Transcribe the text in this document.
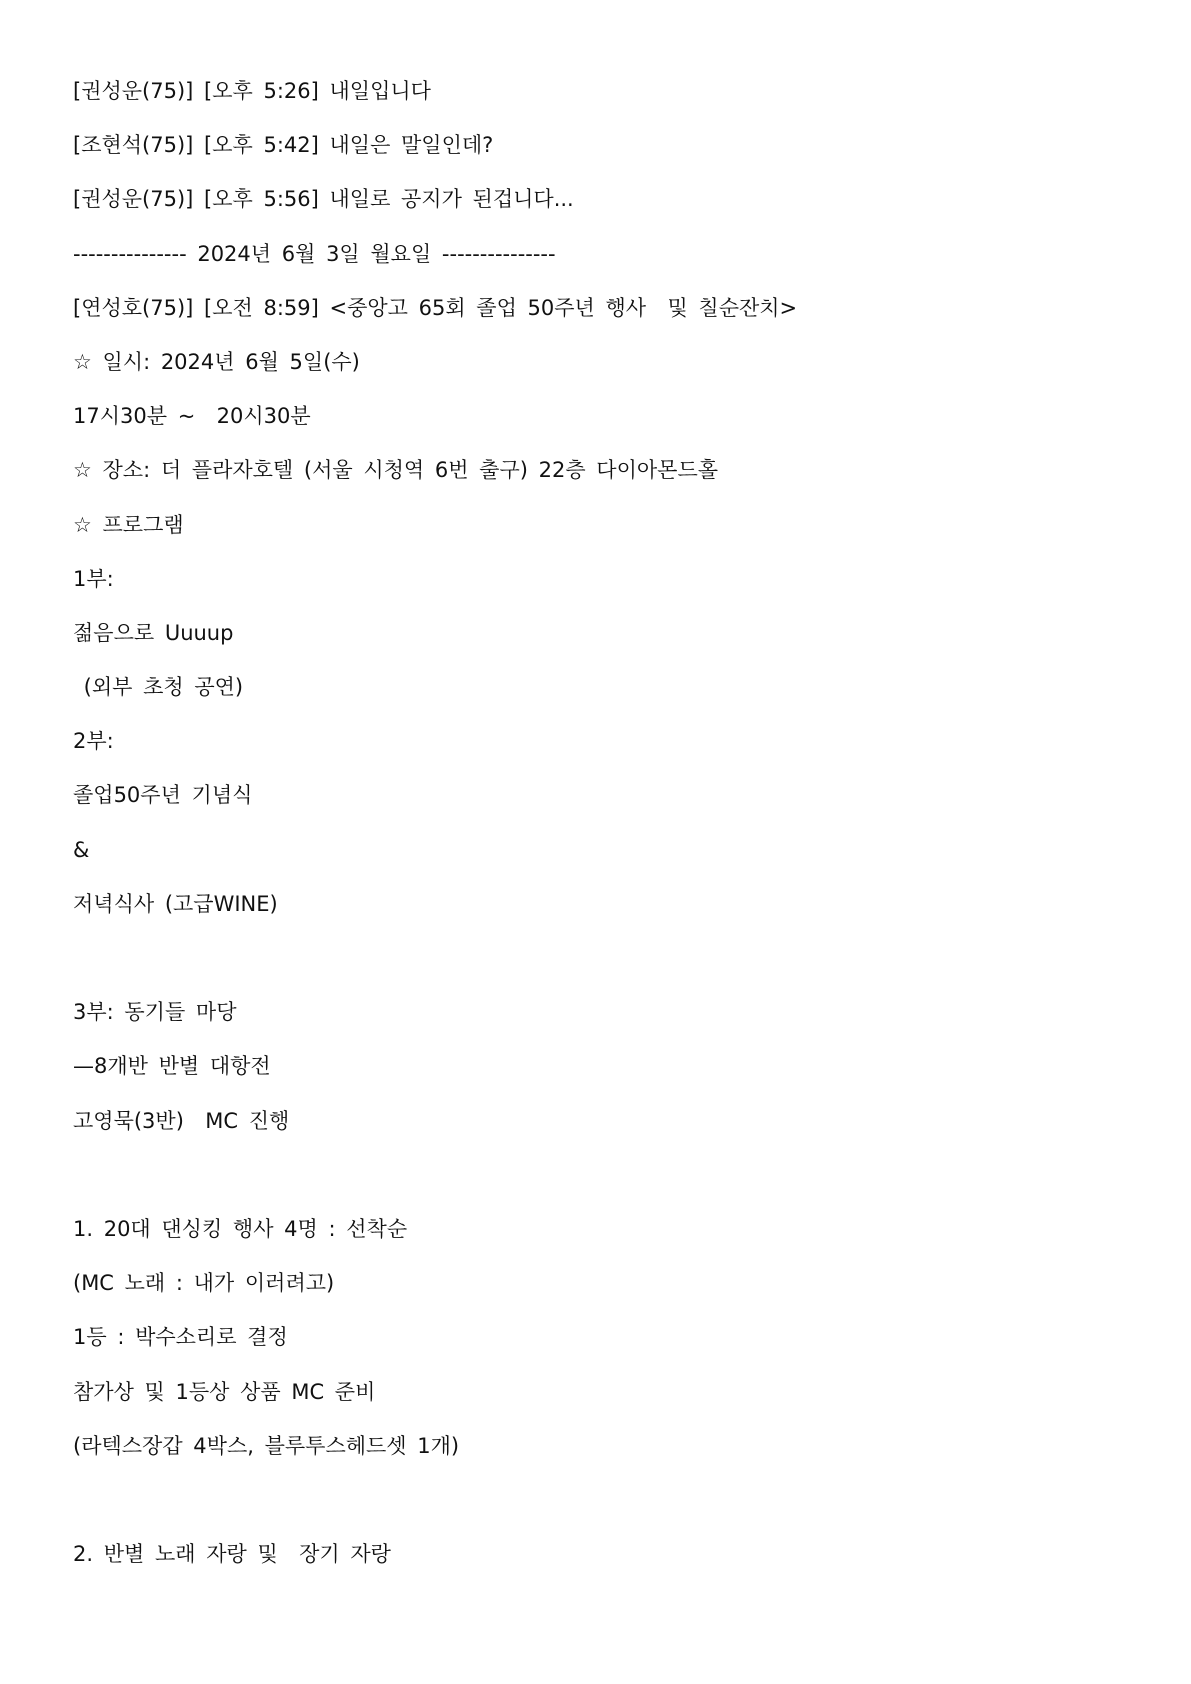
[권성운(75)] [오후 5:26] 내일입니다
[조현석(75)] [오후 5:42] 내일은 말일인데?
[권성운(75)] [오후 5:56] 내일로 공지가 된겁니다...
--------------- 2024년 6월 3일 월요일 ---------------
[연성호(75)] [오전 8:59] <중앙고 65회 졸업 50주년 행사  및 칠순잔치>
☆ 일시: 2024년 6월 5일(수)
17시30분 ~  20시30분
☆ 장소: 더 플라자호텔 (서울 시청역 6번 출구) 22층 다이아몬드홀
☆ 프로그램
1부:
젊음으로 Uuuup
(외부 초청 공연)
2부:
졸업50주년 기념식
&
저녁식사 (고급WINE)
3부: 동기들 마당
—8개반 반별 대항전
고영묵(3반)  MC 진행
1. 20대 댄싱킹 행사 4명 : 선착순
(MC 노래 : 내가 이러려고)
1등 : 박수소리로 결정
참가상 및 1등상 상품 MC 준비
(라텍스장갑 4박스, 블루투스헤드셋 1개)
2. 반별 노래 자랑 및  장기 자랑
